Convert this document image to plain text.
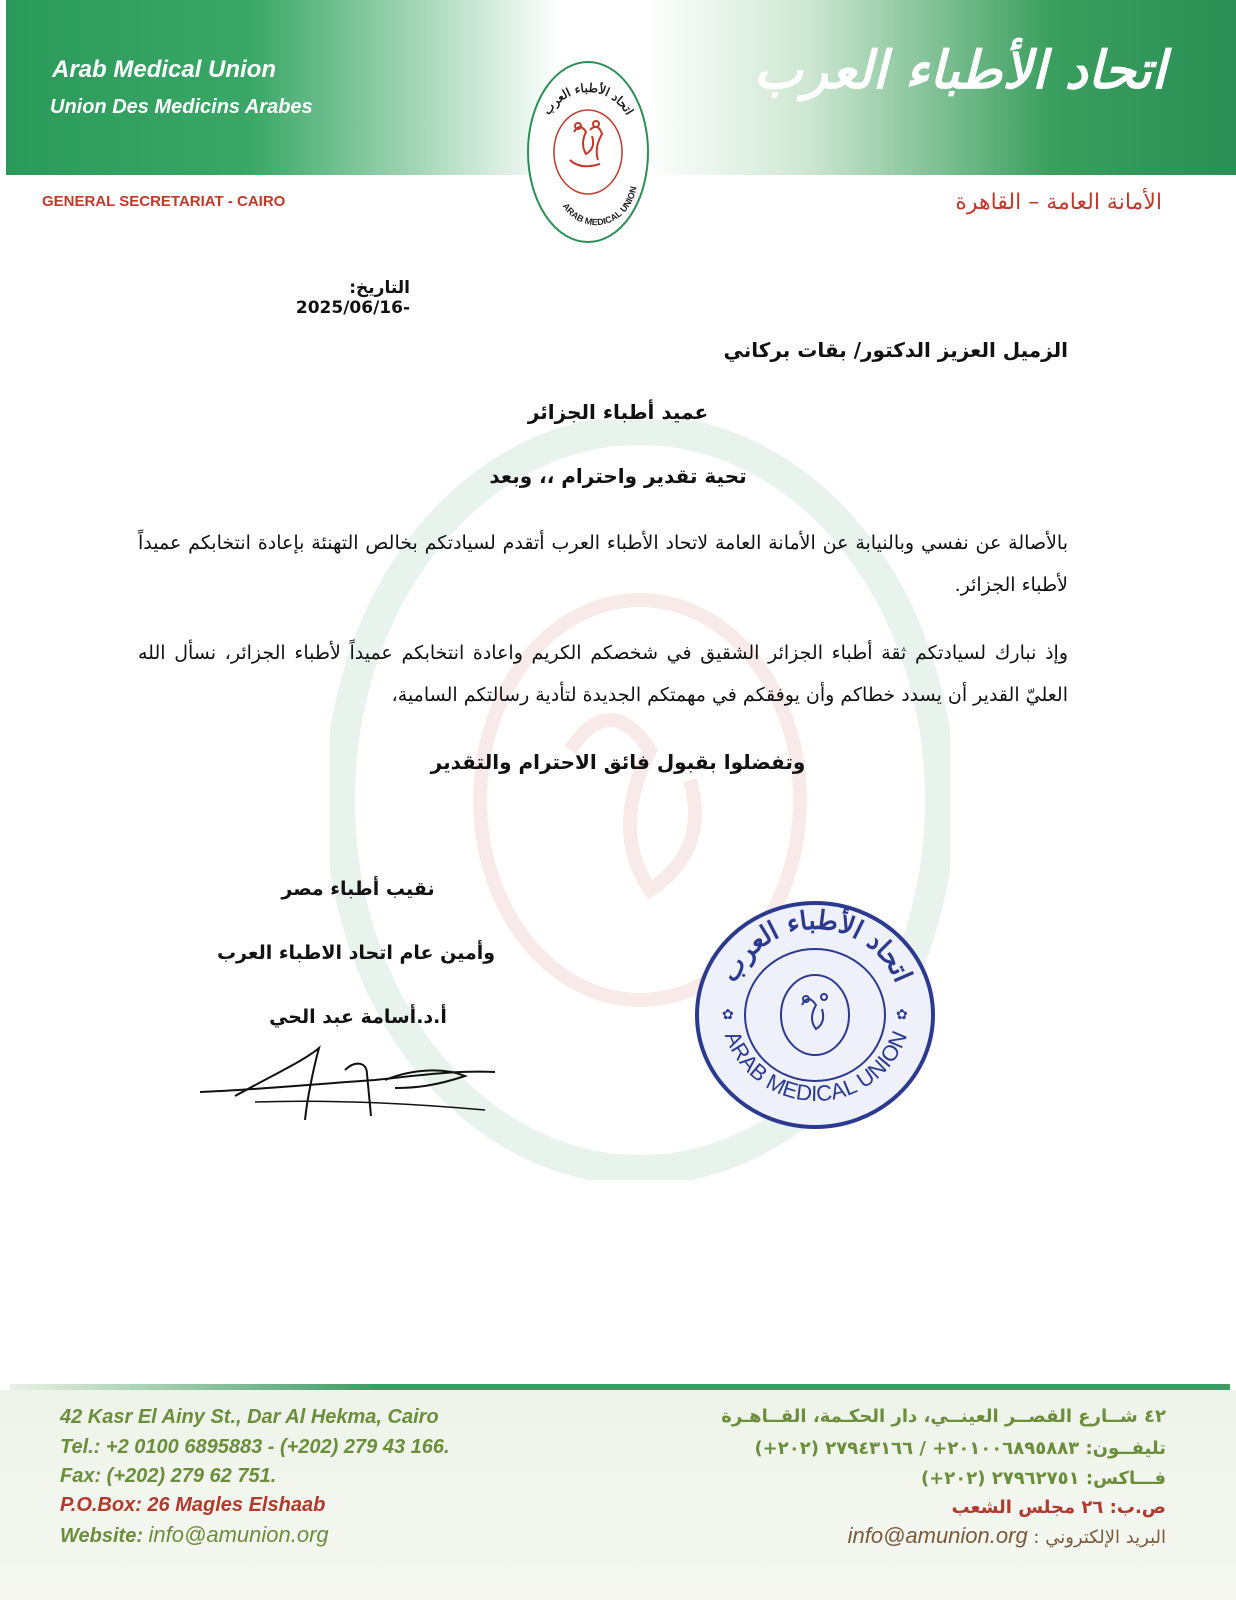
Arab Medical Union
Union Des Medicins Arabes
اتحاد الأطباء العرب
GENERAL SECRETARIAT - CAIRO	الأمانة العامة – القاهرة
اتحاد الأطباء العرب
ARAB MEDICAL UNION
التاريخ: 2025/06/16-
الزميل العزيز الدكتور/ بقات بركاني
عميد أطباء الجزائر
تحية تقدير واحترام ،، وبعد
بالأصالة عن نفسي وبالنيابة عن الأمانة العامة لاتحاد الأطباء العرب أتقدم لسيادتكم بخالص التهنئة بإعادة انتخابكم عميداً لأطباء الجزائر.
وإذ نبارك لسيادتكم ثقة أطباء الجزائر الشقيق في شخصكم الكريم واعادة انتخابكم عميداً لأطباء الجزائر، نسأل الله العليّ القدير أن يسدد خطاكم وأن يوفقكم في مهمتكم الجديدة لتأدية رسالتكم السامية،
وتفضلوا بقبول فائق الاحترام والتقدير
نقيب أطباء مصر
وأمين عام اتحاد الاطباء العرب
أ.د.أسامة عبد الحي
اتحاد الأطباء العرب
ARAB MEDICAL UNION
✿	✿
42 Kasr El Ainy St., Dar Al Hekma, Cairo
Tel.: +2 0100 6895883 - (+202) 279 43 166.
Fax: (+202) 279 62 751.
P.O.Box: 26 Magles Elshaab
Website: info@amunion.org
٤٢ شــارع القصــر العينــي، دار الحكـمة، القــاهـرة
تليفــون: ٢٠١٠٠٦٨٩٥٨٨٣+ / ٢٧٩٤٣١٦٦ (٢٠٢+)
فـــاكس: ٢٧٩٦٢٧٥١ (٢٠٢+)
ص.ب: ٢٦ مجلس الشعب
البريد الإلكتروني : info@amunion.org
